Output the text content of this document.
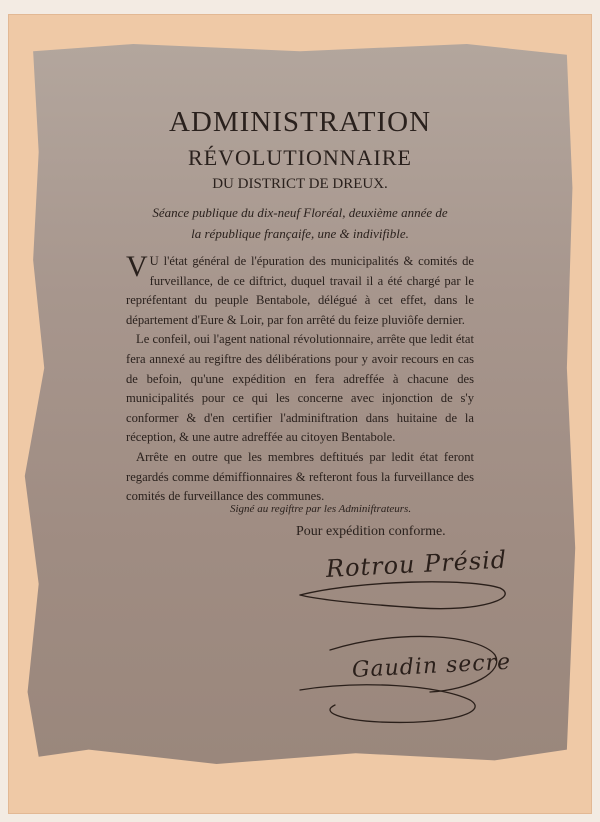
ADMINISTRATION
RÉVOLUTIONNAIRE
DU DISTRICT DE DREUX.
Séance publique du dix-neuf Floréal, deuxième année de
la république françaife, une & indivifible.

V U l'état général de l'épuration des municipalités & comités de furveillance, de ce diftrict, duquel travail il a été chargé par le repréfentant du peuple Bentabole, délégué à cet effet, dans le département d'Eure & Loir, par fon arrêté du feize pluviôfe dernier.

Le confeil, oui l'agent national révolutionnaire, arrête que ledit état fera annexé au regiftre des délibérations pour y avoir recours en cas de befoin, qu'une expédition en fera adreffée à chacune des municipalités pour ce qui les concerne avec injonction de s'y conformer & d'en certifier l'adminiftration dans huitaine de la réception, & une autre adreffée au citoyen Bentabole.

Arrête en outre que les membres deftitués par ledit état feront regardés comme démiffionnaires & refteront fous la furveillance des comités de furveillance des communes.

Signé au regiftre par les Adminiftrateurs.
Pour expédition conforme.
Rotrou Présid
Gaudin secre
